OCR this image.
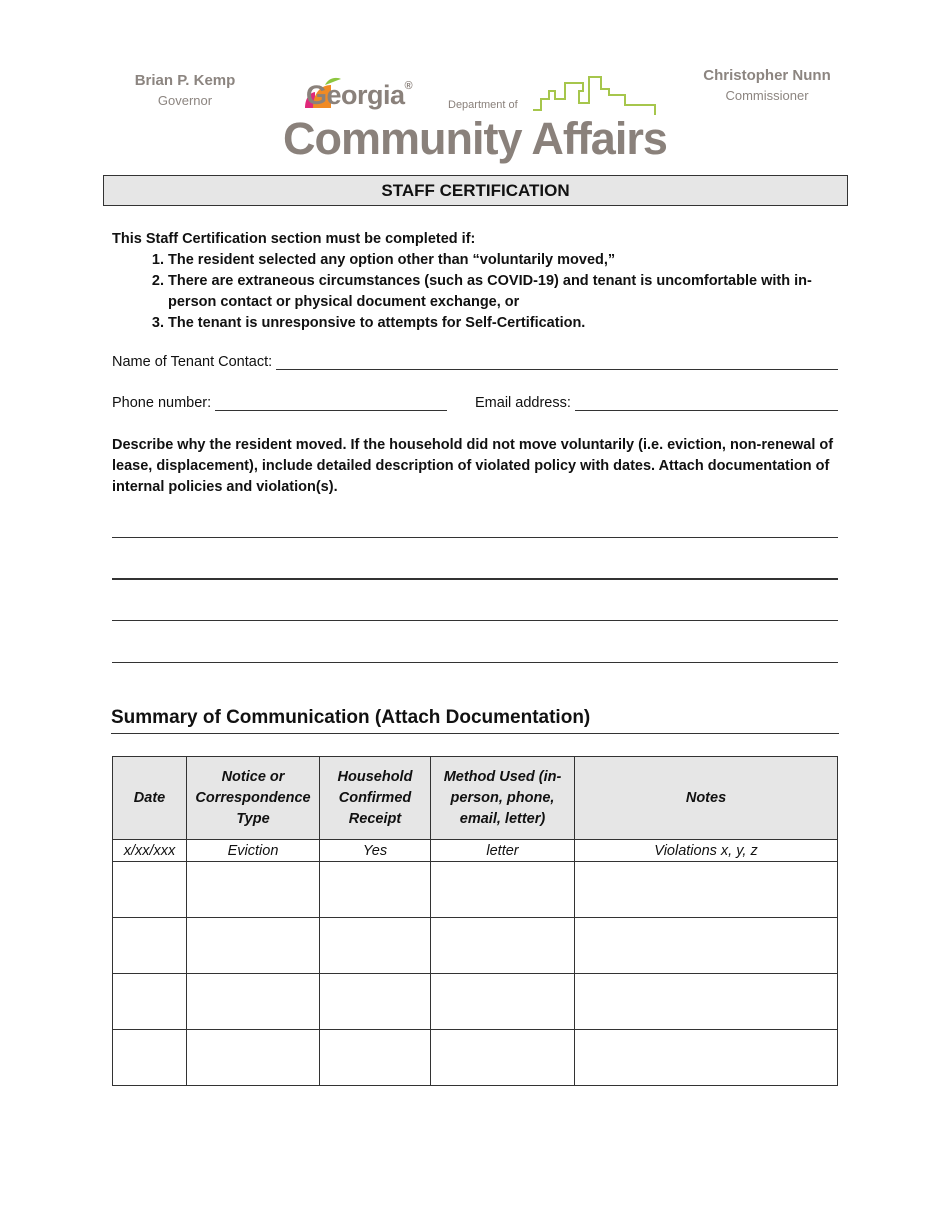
Brian P. Kemp
Governor	Georgia®
Department of
Community Affairs
Christopher Nunn
Commissioner
STAFF CERTIFICATION
This Staff Certification section must be completed if:
1. The resident selected any option other than “voluntarily moved,”
2. There are extraneous circumstances (such as COVID-19) and tenant is uncomfortable with in-person contact or physical document exchange, or
3. The tenant is unresponsive to attempts for Self-Certification.
Name of Tenant Contact:
Phone number:	Email address:
Describe why the resident moved. If the household did not move voluntarily (i.e. eviction, non-renewal of lease, displacement), include detailed description of violated policy with dates. Attach documentation of internal policies and violation(s).
Summary of Communication (Attach Documentation)
Date	Notice or Correspondence Type	Household Confirmed Receipt	Method Used (in-person, phone, email, letter)	Notes
x/xx/xxx	Eviction	Yes	letter	Violations x, y, z
